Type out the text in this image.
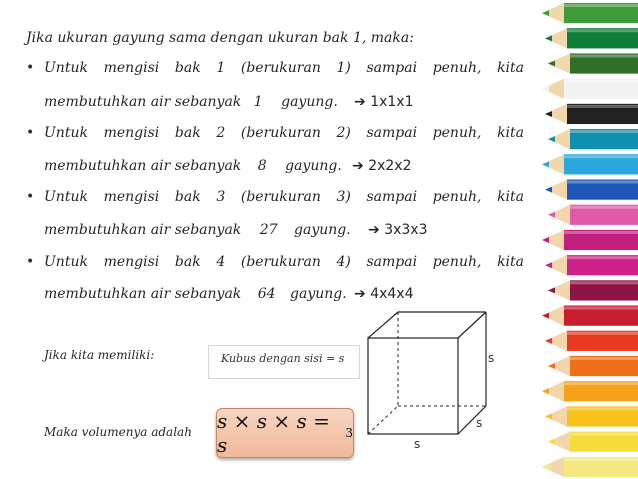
Jika ukuran gayung sama dengan ukuran bak 1, maka:
• Untuk mengisi bak 1 (berukuran 1) sampai penuh, kita
membutuhkan air sebanyak 1 gayung. ➔ 1x1x1
• Untuk mengisi bak 2 (berukuran 2) sampai penuh, kita
membutuhkan air sebanyak 8 gayung. ➔ 2x2x2
• Untuk mengisi bak 3 (berukuran 3) sampai penuh, kita
membutuhkan air sebanyak 27 gayung. ➔ 3x3x3
• Untuk mengisi bak 4 (berukuran 4) sampai penuh, kita
membutuhkan air sebanyak 64 gayung. ➔ 4x4x4
Jika kita memiliki:	Kubus dengan sisi = s
Maka volumenya adalah s × s × s = s	3
s
s
s
